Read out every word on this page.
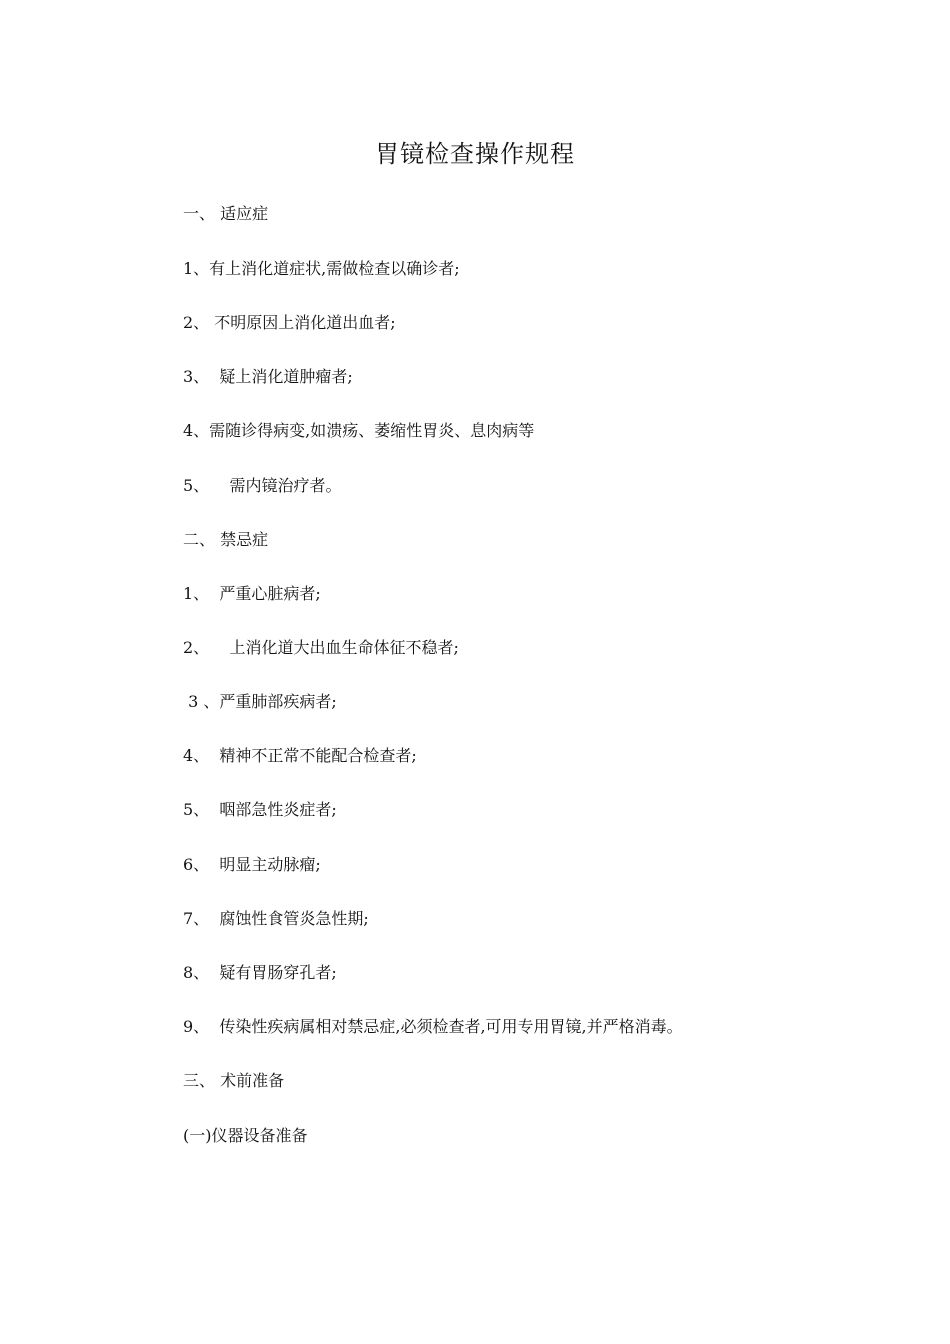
胃镜检查操作规程

一、 适应症

1、有上消化道症状,需做检查以确诊者;

2、 不明原因上消化道出血者;

3、  疑上消化道肿瘤者;

4、需随诊得病变,如溃疡、萎缩性胃炎、息肉病等

5、    需内镜治疗者。

二、 禁忌症

1、  严重心脏病者;

2、    上消化道大出血生命体征不稳者;

3 、严重肺部疾病者;

4、  精神不正常不能配合检查者;

5、  咽部急性炎症者;

6、  明显主动脉瘤;

7、  腐蚀性食管炎急性期;

8、  疑有胃肠穿孔者;

9、  传染性疾病属相对禁忌症,必须检查者,可用专用胃镜,并严格消毒。

三、 术前准备

(一)仪器设备准备
